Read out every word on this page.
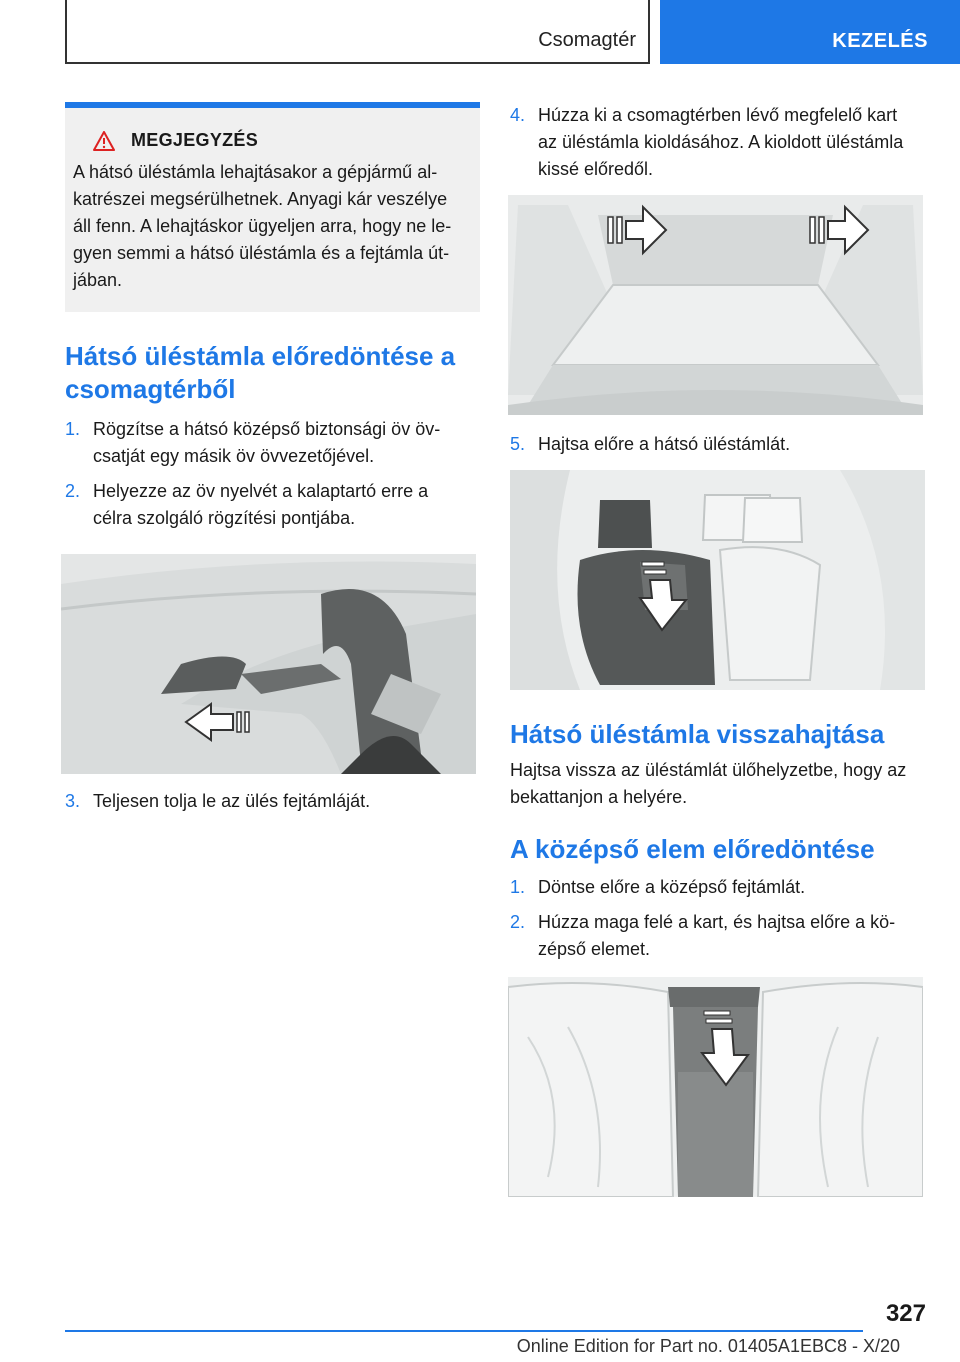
Csomagtér	KEZELÉS
MEGJEGYZÉS
A hátsó üléstámla lehajtásakor a gépjármű al-
katrészei megsérülhetnek. Anyagi kár veszélye
áll fenn. A lehajtáskor ügyeljen arra, hogy ne le-
gyen semmi a hátsó üléstámla és a fejtámla út-
jában.
Hátsó üléstámla előredöntése a
csomagtérből
1. Rögzítse a hátsó középső biztonsági öv öv-
csatját egy másik öv övvezetőjével.
2. Helyezze az öv nyelvét a kalaptartó erre a
célra szolgáló rögzítési pontjába.
3. Teljesen tolja le az ülés fejtámláját.
4. Húzza ki a csomagtérben lévő megfelelő kart
az üléstámla kioldásához. A kioldott üléstámla
kissé előredől.
5. Hajtsa előre a hátsó üléstámlát.
Hátsó üléstámla visszahajtása
Hajtsa vissza az üléstámlát ülőhelyzetbe, hogy az
bekattanjon a helyére.
A középső elem előredöntése
1. Döntse előre a középső fejtámlát.
2. Húzza maga felé a kart, és hajtsa előre a kö-
zépső elemet.
327
Online Edition for Part no. 01405A1EBC8 - X/20
